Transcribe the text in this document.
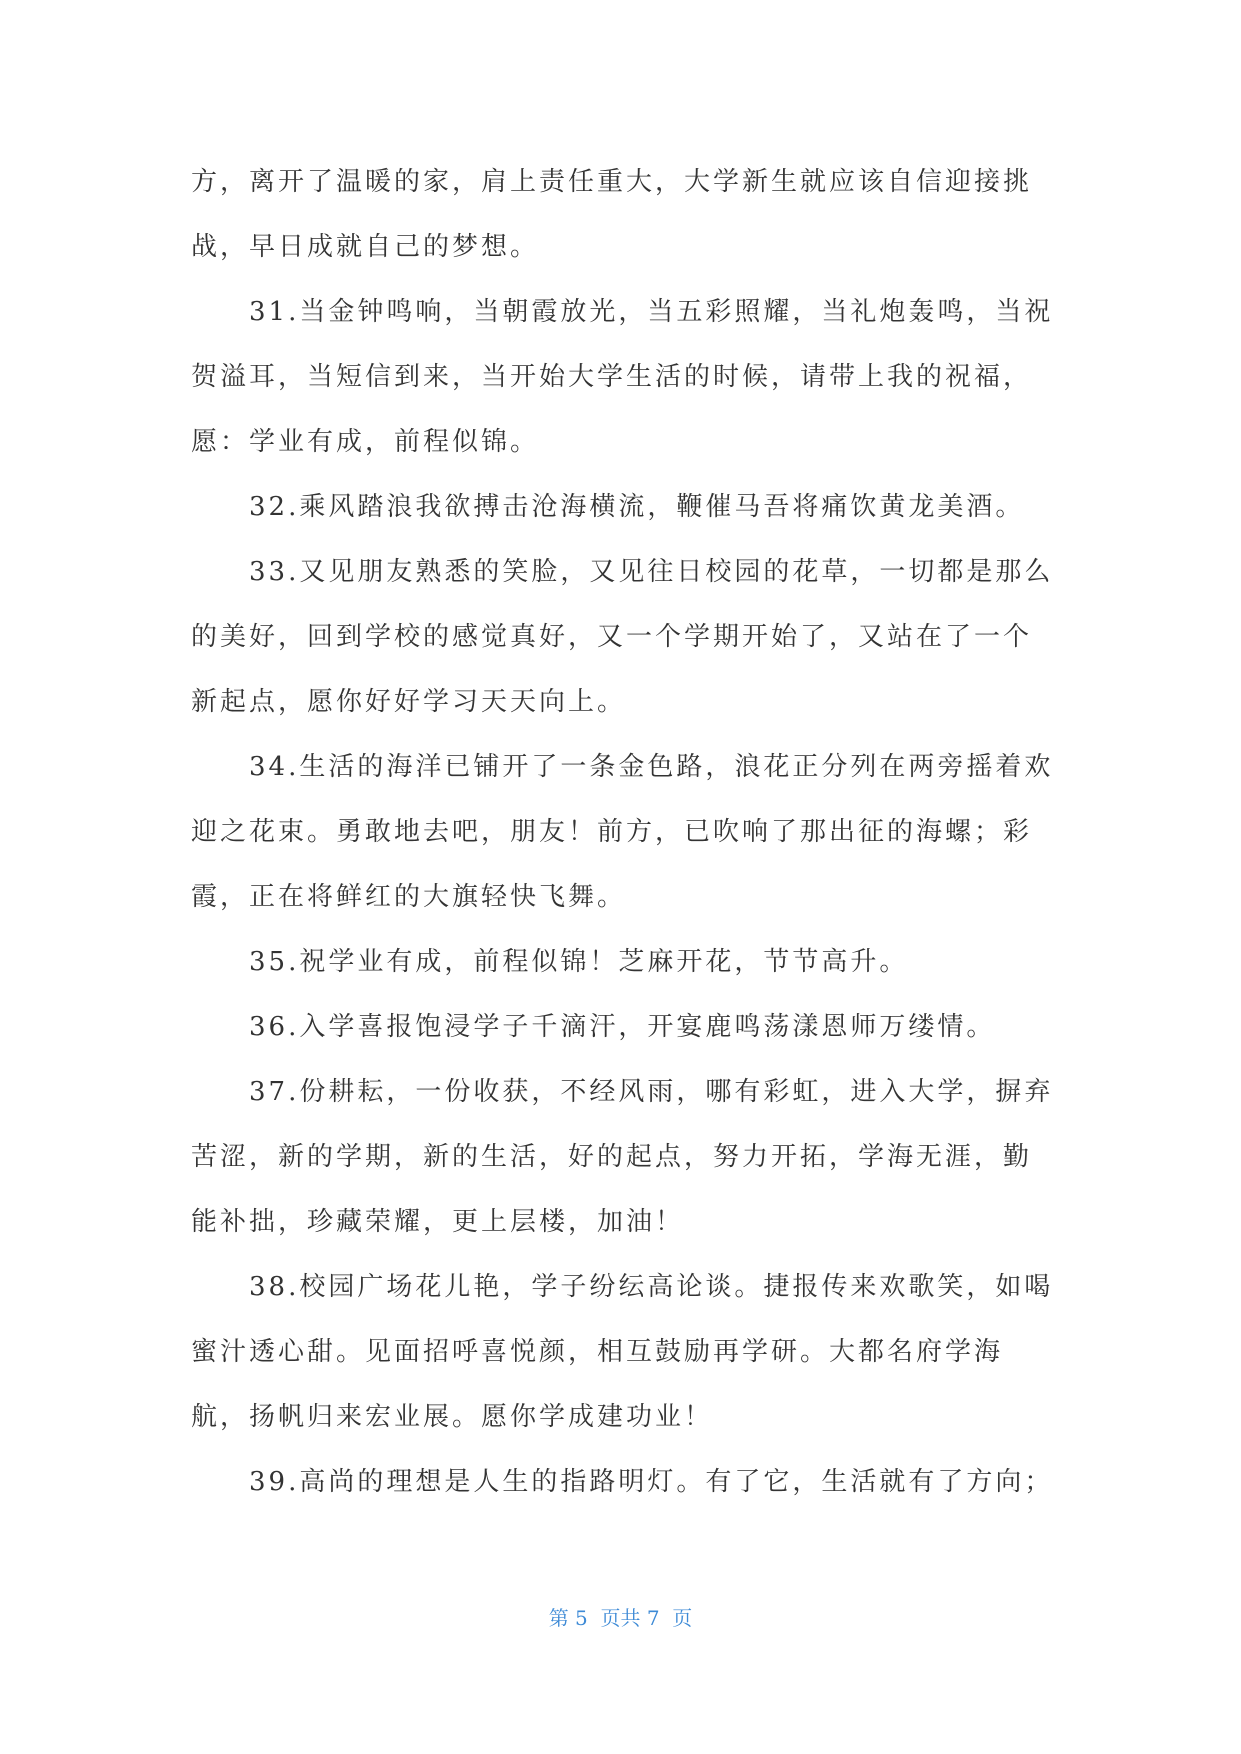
方，离开了温暖的家，肩上责任重大，大学新生就应该自信迎接挑
战，早日成就自己的梦想。
31.当金钟鸣响，当朝霞放光，当五彩照耀，当礼炮轰鸣，当祝
贺溢耳，当短信到来，当开始大学生活的时候，请带上我的祝福，
愿：学业有成，前程似锦。
32.乘风踏浪我欲搏击沧海横流，鞭催马吾将痛饮黄龙美酒。
33.又见朋友熟悉的笑脸，又见往日校园的花草，一切都是那么
的美好，回到学校的感觉真好，又一个学期开始了，又站在了一个
新起点，愿你好好学习天天向上。
34.生活的海洋已铺开了一条金色路，浪花正分列在两旁摇着欢
迎之花束。勇敢地去吧，朋友！前方，已吹响了那出征的海螺；彩
霞，正在将鲜红的大旗轻快飞舞。
35.祝学业有成，前程似锦！芝麻开花，节节高升。
36.入学喜报饱浸学子千滴汗，开宴鹿鸣荡漾恩师万缕情。
37.份耕耘，一份收获，不经风雨，哪有彩虹，进入大学，摒弃
苦涩，新的学期，新的生活，好的起点，努力开拓，学海无涯，勤
能补拙，珍藏荣耀，更上层楼，加油！
38.校园广场花儿艳，学子纷纭高论谈。捷报传来欢歌笑，如喝
蜜汁透心甜。见面招呼喜悦颜，相互鼓励再学研。大都名府学海
航，扬帆归来宏业展。愿你学成建功业！
39.高尚的理想是人生的指路明灯。有了它，生活就有了方向；
第 5  页共 7  页
